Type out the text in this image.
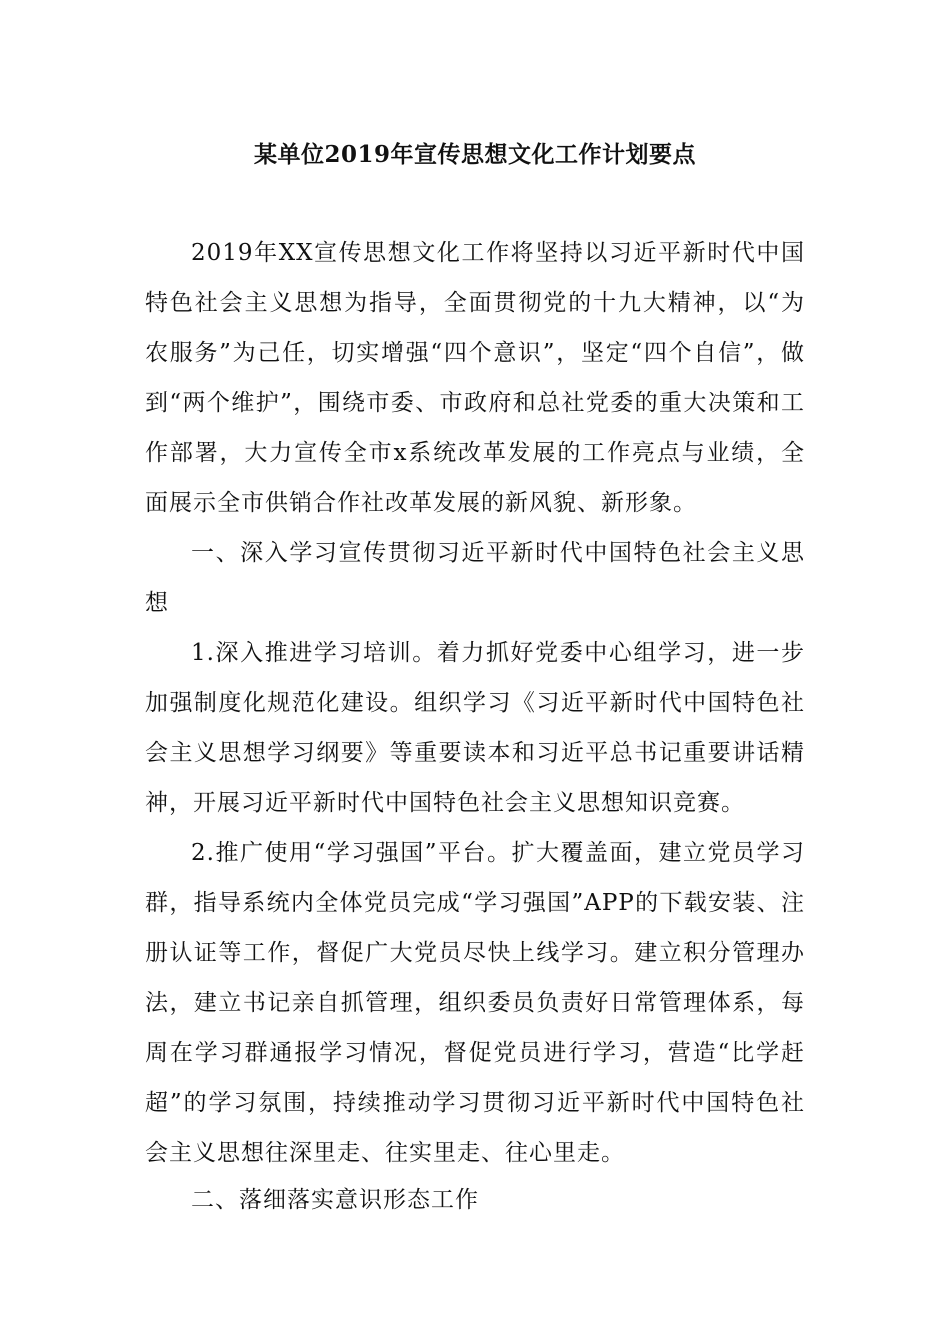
某单位2019年宣传思想文化工作计划要点

2019年XX宣传思想文化工作将坚持以习近平新时代中国特色社会主义思想为指导，全面贯彻党的十九大精神，以“为农服务”为己任，切实增强“四个意识”，坚定“四个自信”，做到“两个维护”，围绕市委、市政府和总社党委的重大决策和工作部署，大力宣传全市x系统改革发展的工作亮点与业绩，全面展示全市供销合作社改革发展的新风貌、新形象。

一、深入学习宣传贯彻习近平新时代中国特色社会主义思想

1.深入推进学习培训。着力抓好党委中心组学习，进一步加强制度化规范化建设。组织学习《习近平新时代中国特色社会主义思想学习纲要》等重要读本和习近平总书记重要讲话精神，开展习近平新时代中国特色社会主义思想知识竞赛。

2.推广使用“学习强国”平台。扩大覆盖面，建立党员学习群，指导系统内全体党员完成“学习强国”APP的下载安装、注册认证等工作，督促广大党员尽快上线学习。建立积分管理办法，建立书记亲自抓管理，组织委员负责好日常管理体系，每周在学习群通报学习情况，督促党员进行学习，营造“比学赶超”的学习氛围，持续推动学习贯彻习近平新时代中国特色社会主义思想往深里走、往实里走、往心里走。

二、落细落实意识形态工作
